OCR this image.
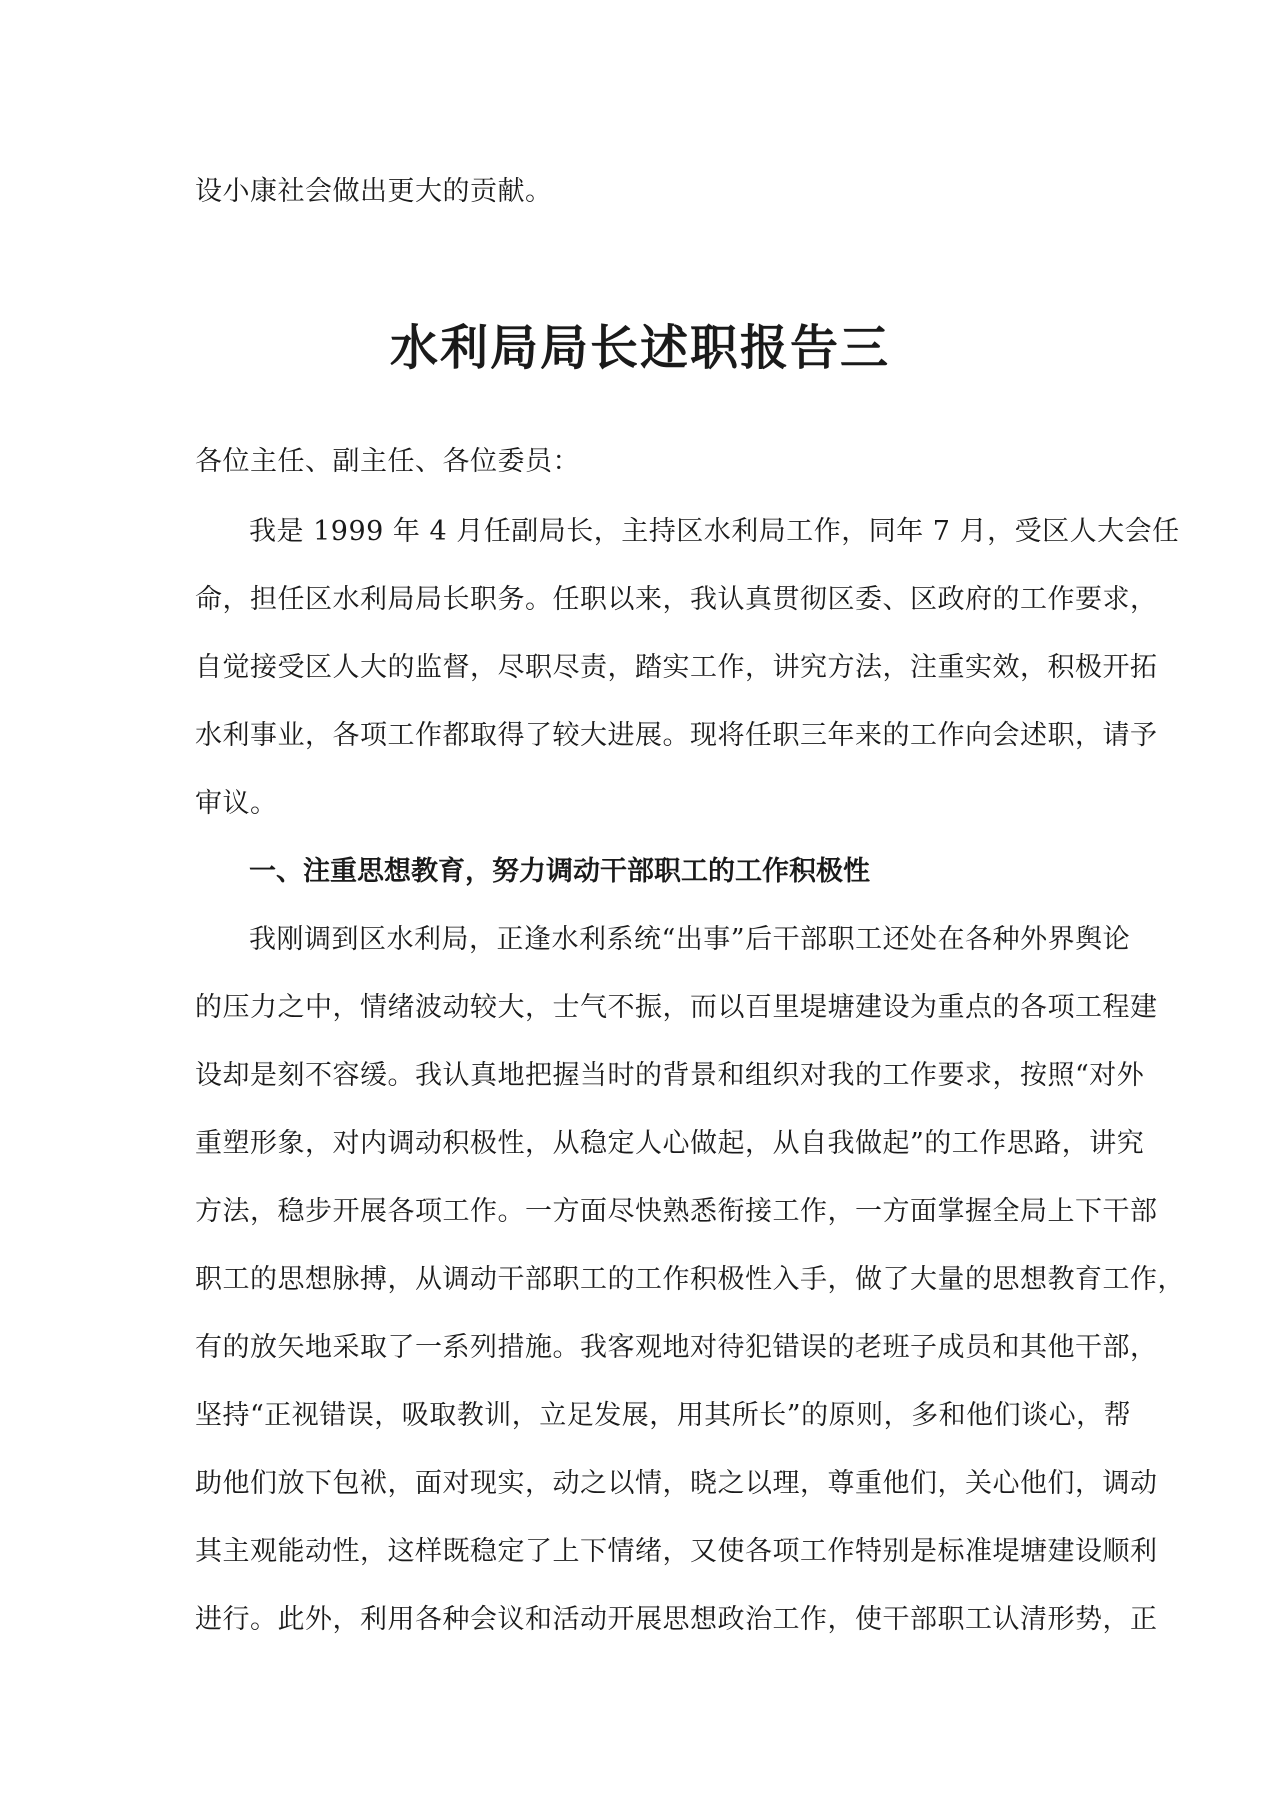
设小康社会做出更大的贡献。
水利局局长述职报告三
各位主任、副主任、各位委员：
我是 1999 年 4 月任副局长，主持区水利局工作，同年 7 月，受区人大会任
命，担任区水利局局长职务。任职以来，我认真贯彻区委、区政府的工作要求，
自觉接受区人大的监督，尽职尽责，踏实工作，讲究方法，注重实效，积极开拓
水利事业，各项工作都取得了较大进展。现将任职三年来的工作向会述职，请予
审议。
一、注重思想教育，努力调动干部职工的工作积极性
我刚调到区水利局，正逢水利系统“出事”后干部职工还处在各种外界舆论
的压力之中，情绪波动较大，士气不振，而以百里堤塘建设为重点的各项工程建
设却是刻不容缓。我认真地把握当时的背景和组织对我的工作要求，按照“对外
重塑形象，对内调动积极性，从稳定人心做起，从自我做起”的工作思路，讲究
方法，稳步开展各项工作。一方面尽快熟悉衔接工作，一方面掌握全局上下干部
职工的思想脉搏，从调动干部职工的工作积极性入手，做了大量的思想教育工作，
有的放矢地采取了一系列措施。我客观地对待犯错误的老班子成员和其他干部，
坚持“正视错误，吸取教训，立足发展，用其所长”的原则，多和他们谈心，帮
助他们放下包袱，面对现实，动之以情，晓之以理，尊重他们，关心他们，调动
其主观能动性，这样既稳定了上下情绪，又使各项工作特别是标准堤塘建设顺利
进行。此外，利用各种会议和活动开展思想政治工作，使干部职工认清形势，正
